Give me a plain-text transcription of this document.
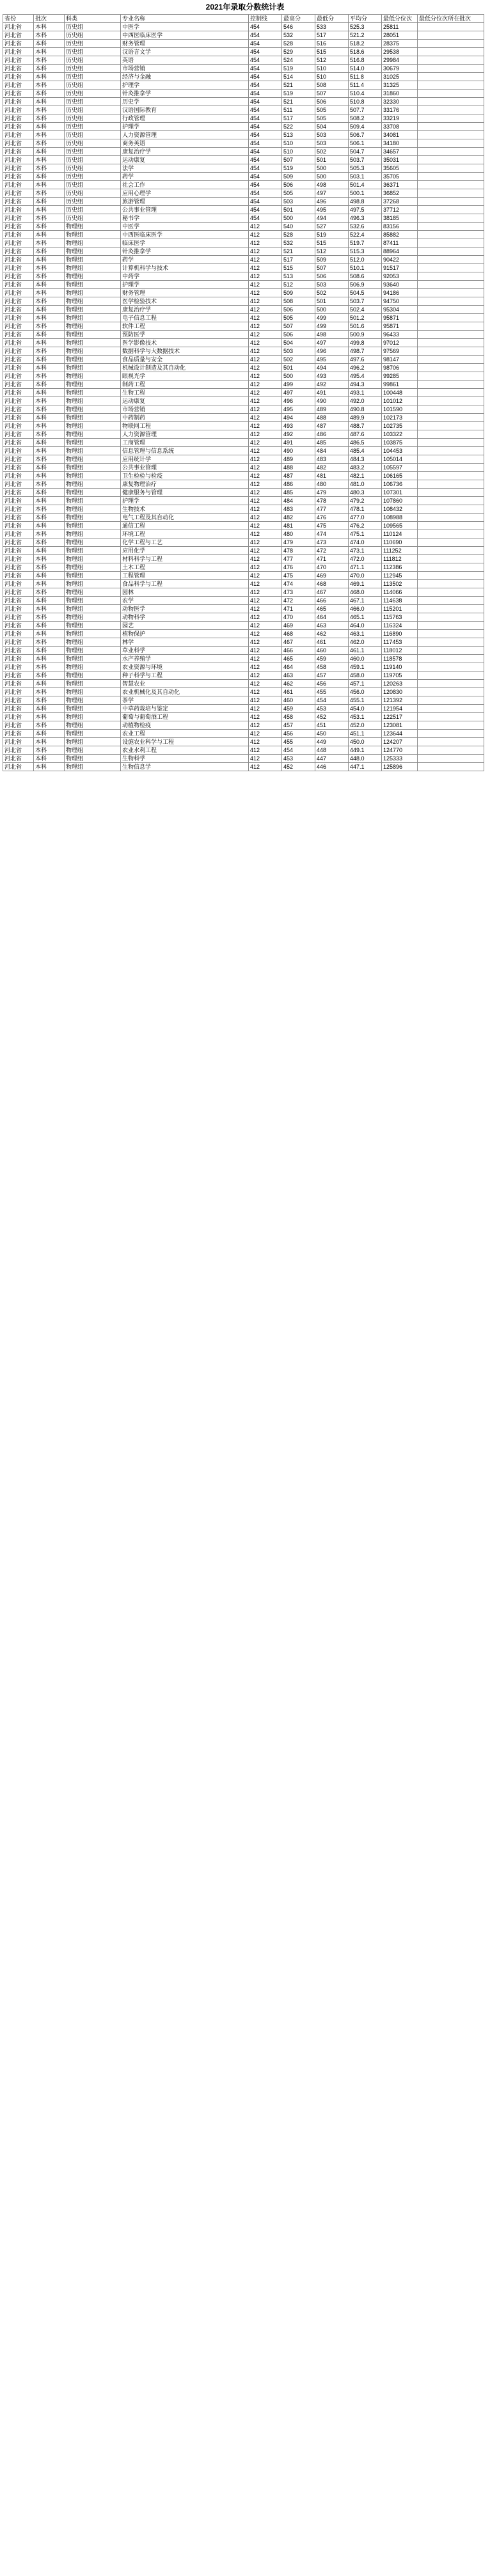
2021年录取分数统计表
省份	批次	科类	专业名称	控制线	最高分	最低分	平均分	最低分位次	最低分位次所在批次
河北省	本科	历史组	中医学	454	546	533	525.3	25811	
河北省	本科	历史组	中西医临床医学	454	532	517	521.2	28051	
河北省	本科	历史组	财务管理	454	528	516	518.2	28375	
河北省	本科	历史组	汉语言文学	454	529	515	518.6	29538	
河北省	本科	历史组	英语	454	524	512	516.8	29984	
河北省	本科	历史组	市场营销	454	519	510	514.0	30679	
河北省	本科	历史组	经济与金融	454	514	510	511.8	31025	
河北省	本科	历史组	护理学	454	521	508	511.4	31325	
河北省	本科	历史组	针灸推拿学	454	519	507	510.4	31860	
河北省	本科	历史组	历史学	454	521	506	510.8	32330	
河北省	本科	历史组	汉语国际教育	454	511	505	507.7	33176	
河北省	本科	历史组	行政管理	454	517	505	508.2	33219	
河北省	本科	历史组	护理学	454	522	504	509.4	33708	
河北省	本科	历史组	人力资源管理	454	513	503	506.7	34081	
河北省	本科	历史组	商务英语	454	510	503	506.1	34180	
河北省	本科	历史组	康复治疗学	454	510	502	504.7	34657	
河北省	本科	历史组	运动康复	454	507	501	503.7	35031	
河北省	本科	历史组	法学	454	519	500	505.3	35605	
河北省	本科	历史组	药学	454	509	500	503.1	35705	
河北省	本科	历史组	社会工作	454	506	498	501.4	36371	
河北省	本科	历史组	应用心理学	454	505	497	500.1	36852	
河北省	本科	历史组	旅游管理	454	503	496	498.8	37268	
河北省	本科	历史组	公共事业管理	454	501	495	497.5	37712	
河北省	本科	历史组	秘书学	454	500	494	496.3	38185	
河北省	本科	物理组	中医学	412	540	527	532.6	83156	
河北省	本科	物理组	中西医临床医学	412	528	519	522.4	85882	
河北省	本科	物理组	临床医学	412	532	515	519.7	87411	
河北省	本科	物理组	针灸推拿学	412	521	512	515.3	88964	
河北省	本科	物理组	药学	412	517	509	512.0	90422	
河北省	本科	物理组	计算机科学与技术	412	515	507	510.1	91517	
河北省	本科	物理组	中药学	412	513	506	508.6	92053	
河北省	本科	物理组	护理学	412	512	503	506.9	93640	
河北省	本科	物理组	财务管理	412	509	502	504.5	94186	
河北省	本科	物理组	医学检验技术	412	508	501	503.7	94750	
河北省	本科	物理组	康复治疗学	412	506	500	502.4	95304	
河北省	本科	物理组	电子信息工程	412	505	499	501.2	95871	
河北省	本科	物理组	软件工程	412	507	499	501.6	95871	
河北省	本科	物理组	预防医学	412	506	498	500.9	96433	
河北省	本科	物理组	医学影像技术	412	504	497	499.8	97012	
河北省	本科	物理组	数据科学与大数据技术	412	503	496	498.7	97569	
河北省	本科	物理组	食品质量与安全	412	502	495	497.6	98147	
河北省	本科	物理组	机械设计制造及其自动化	412	501	494	496.2	98706	
河北省	本科	物理组	眼视光学	412	500	493	495.4	99285	
河北省	本科	物理组	制药工程	412	499	492	494.3	99861	
河北省	本科	物理组	生物工程	412	497	491	493.1	100448	
河北省	本科	物理组	运动康复	412	496	490	492.0	101012	
河北省	本科	物理组	市场营销	412	495	489	490.8	101590	
河北省	本科	物理组	中药制药	412	494	488	489.9	102173	
河北省	本科	物理组	物联网工程	412	493	487	488.7	102735	
河北省	本科	物理组	人力资源管理	412	492	486	487.6	103322	
河北省	本科	物理组	工商管理	412	491	485	486.5	103875	
河北省	本科	物理组	信息管理与信息系统	412	490	484	485.4	104453	
河北省	本科	物理组	应用统计学	412	489	483	484.3	105014	
河北省	本科	物理组	公共事业管理	412	488	482	483.2	105597	
河北省	本科	物理组	卫生检验与检疫	412	487	481	482.1	106165	
河北省	本科	物理组	康复物理治疗	412	486	480	481.0	106736	
河北省	本科	物理组	健康服务与管理	412	485	479	480.3	107301	
河北省	本科	物理组	护理学	412	484	478	479.2	107860	
河北省	本科	物理组	生物技术	412	483	477	478.1	108432	
河北省	本科	物理组	电气工程及其自动化	412	482	476	477.0	108988	
河北省	本科	物理组	通信工程	412	481	475	476.2	109565	
河北省	本科	物理组	环境工程	412	480	474	475.1	110124	
河北省	本科	物理组	化学工程与工艺	412	479	473	474.0	110690	
河北省	本科	物理组	应用化学	412	478	472	473.1	111252	
河北省	本科	物理组	材料科学与工程	412	477	471	472.0	111812	
河北省	本科	物理组	土木工程	412	476	470	471.1	112386	
河北省	本科	物理组	工程管理	412	475	469	470.0	112945	
河北省	本科	物理组	食品科学与工程	412	474	468	469.1	113502	
河北省	本科	物理组	园林	412	473	467	468.0	114066	
河北省	本科	物理组	农学	412	472	466	467.1	114638	
河北省	本科	物理组	动物医学	412	471	465	466.0	115201	
河北省	本科	物理组	动物科学	412	470	464	465.1	115763	
河北省	本科	物理组	园艺	412	469	463	464.0	116324	
河北省	本科	物理组	植物保护	412	468	462	463.1	116890	
河北省	本科	物理组	林学	412	467	461	462.0	117453	
河北省	本科	物理组	草业科学	412	466	460	461.1	118012	
河北省	本科	物理组	水产养殖学	412	465	459	460.0	118578	
河北省	本科	物理组	农业资源与环境	412	464	458	459.1	119140	
河北省	本科	物理组	种子科学与工程	412	463	457	458.0	119705	
河北省	本科	物理组	智慧农业	412	462	456	457.1	120263	
河北省	本科	物理组	农业机械化及其自动化	412	461	455	456.0	120830	
河北省	本科	物理组	茶学	412	460	454	455.1	121392	
河北省	本科	物理组	中草药栽培与鉴定	412	459	453	454.0	121954	
河北省	本科	物理组	葡萄与葡萄酒工程	412	458	452	453.1	122517	
河北省	本科	物理组	动植物检疫	412	457	451	452.0	123081	
河北省	本科	物理组	农业工程	412	456	450	451.1	123644	
河北省	本科	物理组	设施农业科学与工程	412	455	449	450.0	124207	
河北省	本科	物理组	农业水利工程	412	454	448	449.1	124770	
河北省	本科	物理组	生物科学	412	453	447	448.0	125333	
河北省	本科	物理组	生物信息学	412	452	446	447.1	125896	
